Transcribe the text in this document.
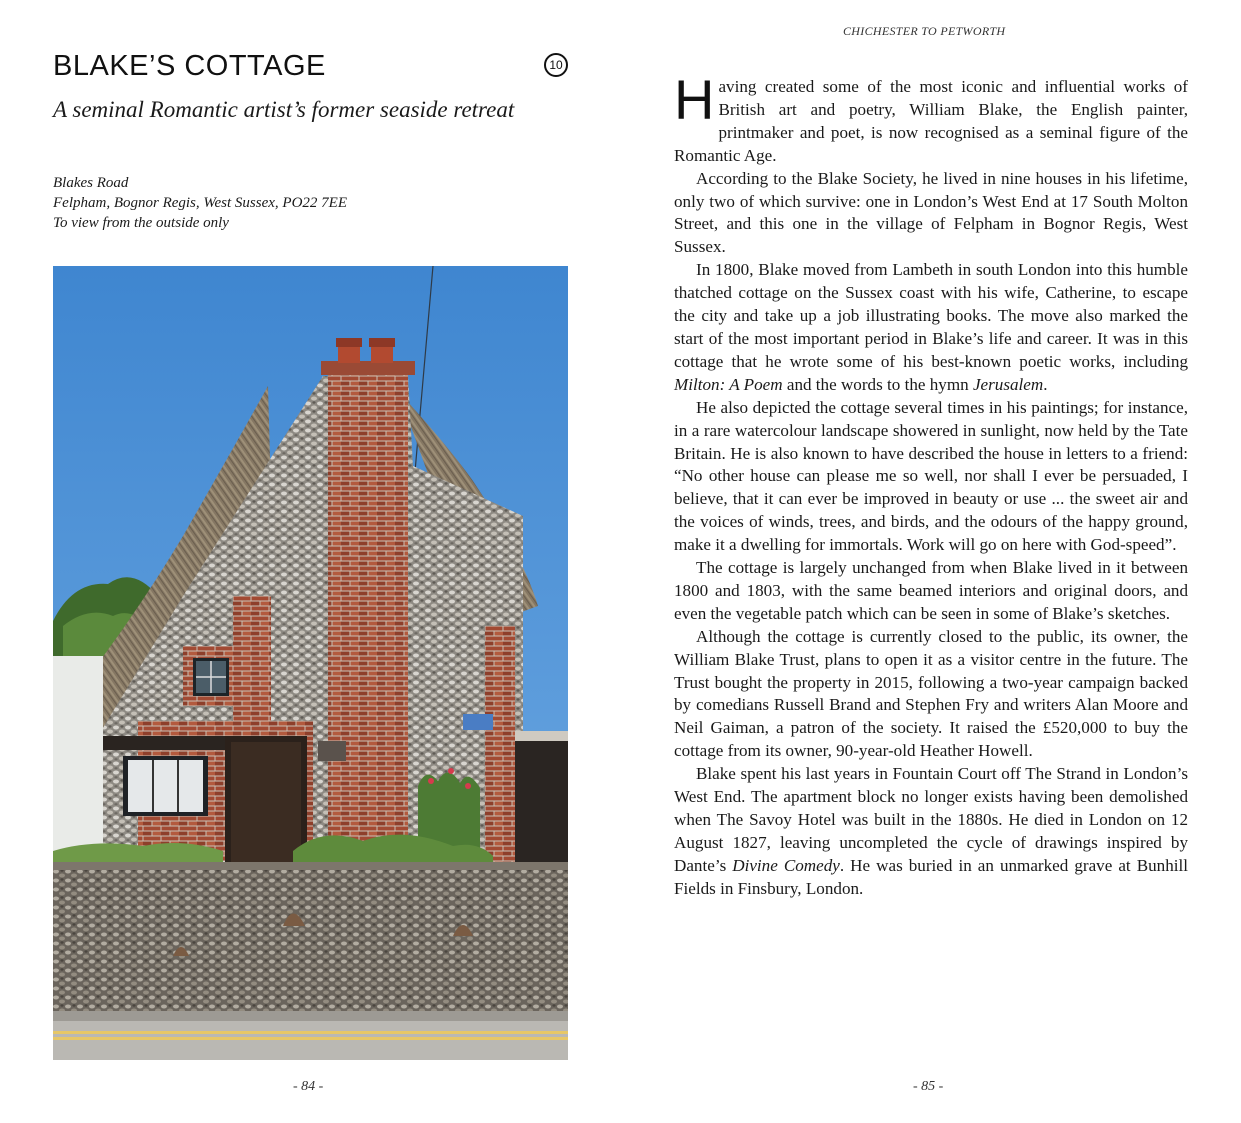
BLAKE’S COTTAGE	10
A seminal Romantic artist’s former seaside retreat
Blakes Road
Felpham, Bognor Regis, West Sussex, PO22 7EE
To view from the outside only
- 84 -
CHICHESTER TO PETWORTH

Having created some of the most iconic and influential works of British art and poetry, William Blake, the English painter, printmaker and poet, is now recognised as a seminal figure of the Romantic Age.

According to the Blake Society, he lived in nine houses in his lifetime, only two of which survive: one in London’s West End at 17 South Molton Street, and this one in the village of Felpham in Bognor Regis, West Sussex.

In 1800, Blake moved from Lambeth in south London into this humble thatched cottage on the Sussex coast with his wife, Catherine, to escape the city and take up a job illustrating books. The move also marked the start of the most important period in Blake’s life and career. It was in this cottage that he wrote some of his best-known poetic works, including Milton: A Poem and the words to the hymn Jerusalem.

He also depicted the cottage several times in his paintings; for instance, in a rare watercolour landscape showered in sunlight, now held by the Tate Britain. He is also known to have described the house in letters to a friend: “No other house can please me so well, nor shall I ever be persuaded, I believe, that it can ever be improved in beauty or use ... the sweet air and the voices of winds, trees, and birds, and the odours of the happy ground, make it a dwelling for immortals. Work will go on here with God-speed”.

The cottage is largely unchanged from when Blake lived in it between 1800 and 1803, with the same beamed interiors and original doors, and even the vegetable patch which can be seen in some of Blake’s sketches.

Although the cottage is currently closed to the public, its owner, the William Blake Trust, plans to open it as a visitor centre in the future. The Trust bought the property in 2015, following a two-year campaign backed by comedians Russell Brand and Stephen Fry and writers Alan Moore and Neil Gaiman, a patron of the society. It raised the £520,000 to buy the cottage from its owner, 90-year-old Heather Howell.

Blake spent his last years in Fountain Court off The Strand in London’s West End. The apartment block no longer exists having been demolished when The Savoy Hotel was built in the 1880s. He died in London on 12 August 1827, leaving uncompleted the cycle of drawings inspired by Dante’s Divine Comedy. He was buried in an unmarked grave at Bunhill Fields in Finsbury, London.

- 85 -
